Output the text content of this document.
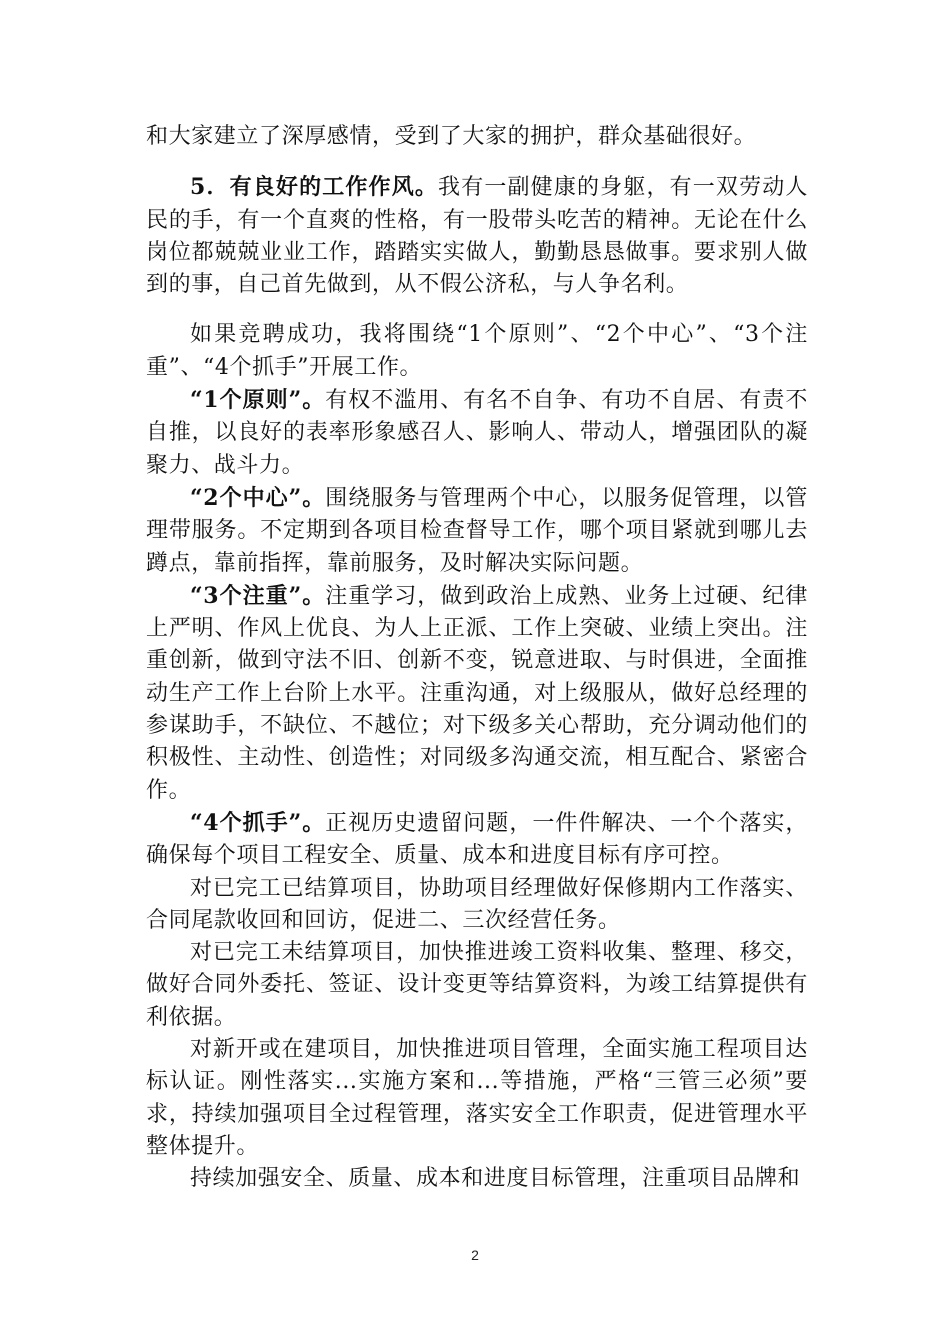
和大家建立了深厚感情，受到了大家的拥护，群众基础很好。

5．有良好的工作作风。我有一副健康的身躯，有一双劳动人民的手，有一个直爽的性格，有一股带头吃苦的精神。无论在什么岗位都兢兢业业工作，踏踏实实做人，勤勤恳恳做事。要求别人做到的事，自己首先做到，从不假公济私，与人争名利。

如果竞聘成功，我将围绕“1个原则”、“2个中心”、“3个注重”、“4个抓手”开展工作。

“1个原则”。有权不滥用、有名不自争、有功不自居、有责不自推，以良好的表率形象感召人、影响人、带动人，增强团队的凝聚力、战斗力。

“2个中心”。围绕服务与管理两个中心，以服务促管理，以管理带服务。不定期到各项目检查督导工作，哪个项目紧就到哪儿去蹲点，靠前指挥，靠前服务，及时解决实际问题。

“3个注重”。注重学习，做到政治上成熟、业务上过硬、纪律上严明、作风上优良、为人上正派、工作上突破、业绩上突出。注重创新，做到守法不旧、创新不变，锐意进取、与时俱进，全面推动生产工作上台阶上水平。注重沟通，对上级服从，做好总经理的参谋助手，不缺位、不越位；对下级多关心帮助，充分调动他们的积极性、主动性、创造性；对同级多沟通交流，相互配合、紧密合作。

“4个抓手”。正视历史遗留问题，一件件解决、一个个落实，确保每个项目工程安全、质量、成本和进度目标有序可控。

对已完工已结算项目，协助项目经理做好保修期内工作落实、合同尾款收回和回访，促进二、三次经营任务。

对已完工未结算项目，加快推进竣工资料收集、整理、移交，做好合同外委托、签证、设计变更等结算资料，为竣工结算提供有利依据。

对新开或在建项目，加快推进项目管理，全面实施工程项目达标认证。刚性落实...实施方案和...等措施，严格“三管三必须”要求，持续加强项目全过程管理，落实安全工作职责，促进管理水平整体提升。

持续加强安全、质量、成本和进度目标管理，注重项目品牌和

2
